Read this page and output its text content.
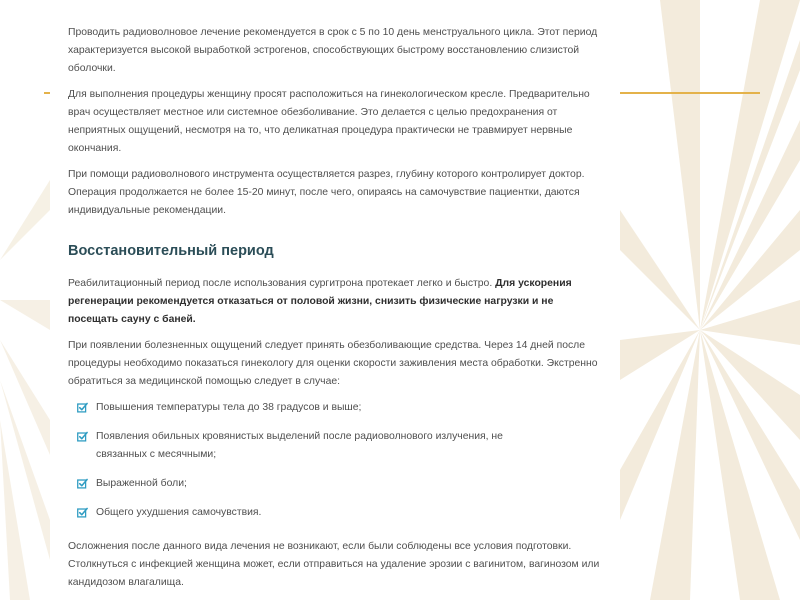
Проводить радиоволновое лечение рекомендуется в срок с 5 по 10 день менструального цикла. Этот период характеризуется высокой выработкой эстрогенов, способствующих быстрому восстановлению слизистой оболочки.

Для выполнения процедуры женщину просят расположиться на гинекологическом кресле. Предварительно врач осуществляет местное или системное обезболивание. Это делается с целью предохранения от неприятных ощущений, несмотря на то, что деликатная процедура практически не травмирует нервные окончания.

При помощи радиоволнового инструмента осуществляется разрез, глубину которого контролирует доктор. Операция продолжается не более 15-20 минут, после чего, опираясь на самочувствие пациентки, даются индивидуальные рекомендации.

Восстановительный период

Реабилитационный период после использования сургитрона протекает легко и быстро. Для ускорения регенерации рекомендуется отказаться от половой жизни, снизить физические нагрузки и не посещать сауну с баней.

При появлении болезненных ощущений следует принять обезболивающие средства. Через 14 дней после процедуры необходимо показаться гинекологу для оценки скорости заживления места обработки. Экстренно обратиться за медицинской помощью следует в случае:

Повышения температуры тела до 38 градусов и выше;
Появления обильных кровянистых выделений после радиоволнового излучения, не связанных с месячными;
Выраженной боли;
Общего ухудшения самочувствия.

Осложнения после данного вида лечения не возникают, если были соблюдены все условия подготовки. Столкнуться с инфекцией женщина может, если отправиться на удаление эрозии с вагинитом, вагинозом или кандидозом влагалища.
